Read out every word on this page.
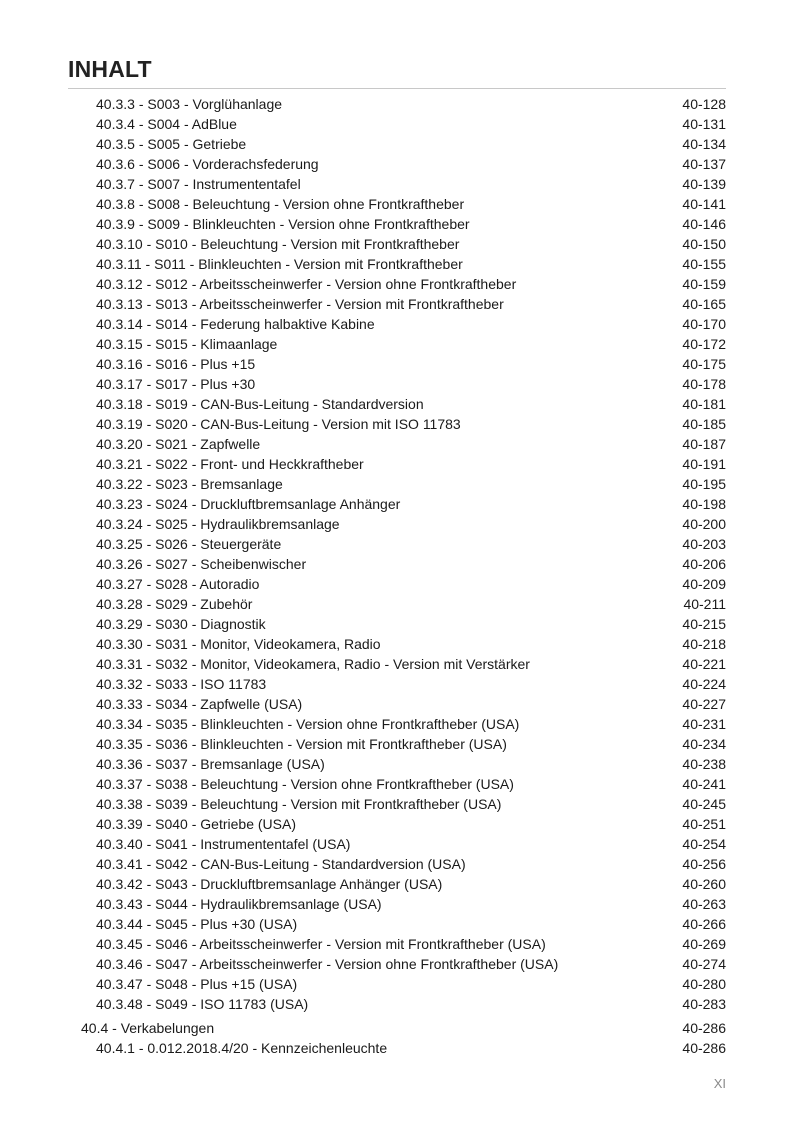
INHALT
40.3.3 - S003 - Vorglühanlage	40-128
40.3.4 - S004 - AdBlue	40-131
40.3.5 - S005 - Getriebe	40-134
40.3.6 - S006 - Vorderachsfederung	40-137
40.3.7 - S007 - Instrumententafel	40-139
40.3.8 - S008 - Beleuchtung - Version ohne Frontkraftheber	40-141
40.3.9 - S009 - Blinkleuchten - Version ohne Frontkraftheber	40-146
40.3.10 - S010 - Beleuchtung - Version mit Frontkraftheber	40-150
40.3.11 - S011 - Blinkleuchten - Version mit Frontkraftheber	40-155
40.3.12 - S012 - Arbeitsscheinwerfer - Version ohne Frontkraftheber	40-159
40.3.13 - S013 - Arbeitsscheinwerfer - Version mit Frontkraftheber	40-165
40.3.14 - S014 - Federung halbaktive Kabine	40-170
40.3.15 - S015 - Klimaanlage	40-172
40.3.16 - S016 - Plus +15	40-175
40.3.17 - S017 - Plus +30	40-178
40.3.18 - S019 - CAN-Bus-Leitung - Standardversion	40-181
40.3.19 - S020 - CAN-Bus-Leitung - Version mit ISO 11783	40-185
40.3.20 - S021 - Zapfwelle	40-187
40.3.21 - S022 - Front- und Heckkraftheber	40-191
40.3.22 - S023 - Bremsanlage	40-195
40.3.23 - S024 - Druckluftbremsanlage Anhänger	40-198
40.3.24 - S025 - Hydraulikbremsanlage	40-200
40.3.25 - S026 - Steuergeräte	40-203
40.3.26 - S027 - Scheibenwischer	40-206
40.3.27 - S028 - Autoradio	40-209
40.3.28 - S029 - Zubehör	40-211
40.3.29 - S030 - Diagnostik	40-215
40.3.30 - S031 - Monitor, Videokamera, Radio	40-218
40.3.31 - S032 - Monitor, Videokamera, Radio - Version mit Verstärker	40-221
40.3.32 - S033 - ISO 11783	40-224
40.3.33 - S034 - Zapfwelle (USA)	40-227
40.3.34 - S035 - Blinkleuchten - Version ohne Frontkraftheber (USA)	40-231
40.3.35 - S036 - Blinkleuchten - Version mit Frontkraftheber (USA)	40-234
40.3.36 - S037 - Bremsanlage (USA)	40-238
40.3.37 - S038 - Beleuchtung - Version ohne Frontkraftheber (USA)	40-241
40.3.38 - S039 - Beleuchtung - Version mit Frontkraftheber (USA)	40-245
40.3.39 - S040 - Getriebe (USA)	40-251
40.3.40 - S041 - Instrumententafel (USA)	40-254
40.3.41 - S042 - CAN-Bus-Leitung - Standardversion (USA)	40-256
40.3.42 - S043 - Druckluftbremsanlage Anhänger (USA)	40-260
40.3.43 - S044 - Hydraulikbremsanlage (USA)	40-263
40.3.44 - S045 - Plus +30 (USA)	40-266
40.3.45 - S046 - Arbeitsscheinwerfer - Version mit Frontkraftheber (USA)	40-269
40.3.46 - S047 - Arbeitsscheinwerfer - Version ohne Frontkraftheber (USA)	40-274
40.3.47 - S048 - Plus +15 (USA)	40-280
40.3.48 - S049 - ISO 11783 (USA)	40-283
40.4 - Verkabelungen	40-286
40.4.1 - 0.012.2018.4/20 - Kennzeichenleuchte	40-286
XI
